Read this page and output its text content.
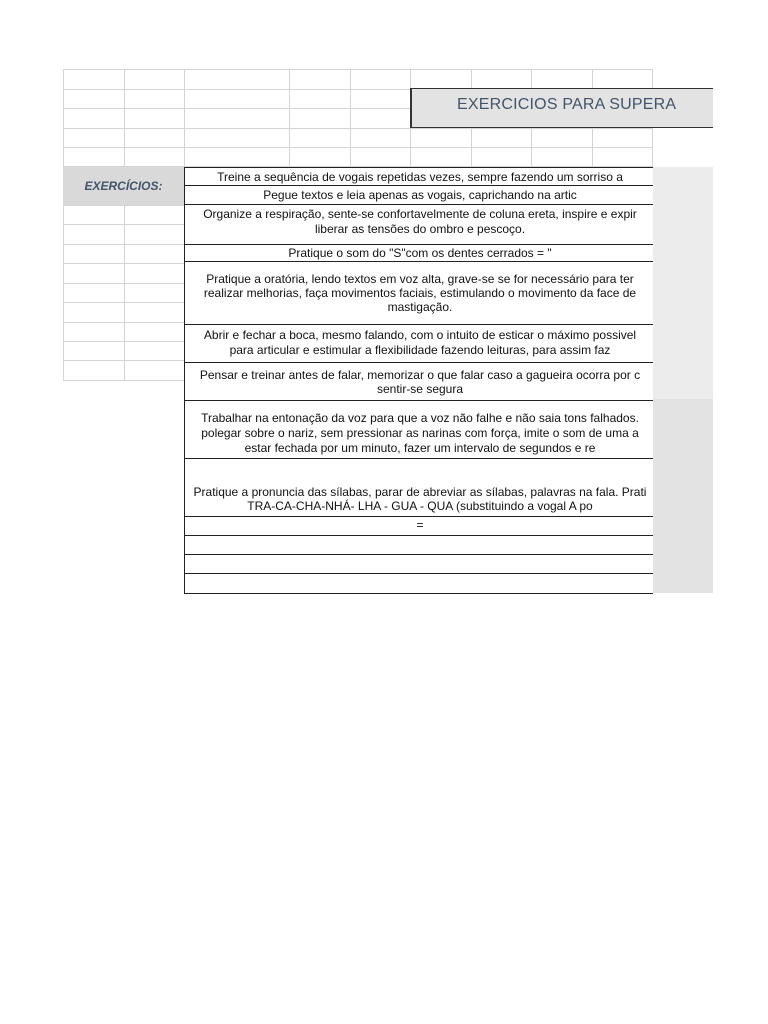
EXERCICIOS PARA SUPERA
EXERCÍCIOS:
Treine a sequência de vogais repetidas vezes, sempre fazendo um sorriso a
Pegue textos e leia apenas as vogais, caprichando na artic
Organize a respiração, sente-se confortavelmente de coluna ereta, inspire e expir
liberar as tensões do ombro e pescoço.
Pratique o som do "S"com os dentes cerrados = "
Pratique a oratória, lendo textos em voz alta, grave-se se for necessário para ter
realizar melhorias, faça movimentos faciais, estimulando o movimento da face de
mastigação.
Abrir e fechar a boca, mesmo falando, com o intuito de esticar o máximo possivel
para articular e estimular a flexibilidade fazendo leituras, para assim faz
Pensar e treinar antes de falar, memorizar o que falar caso a gagueira ocorra por c
sentir-se segura
Trabalhar na entonação da voz para que a voz não falhe e não saia tons falhados.
polegar sobre o nariz, sem pressionar as narinas com força, imite o som de uma a
estar fechada por um minuto, fazer um intervalo de segundos e re
Pratique a pronuncia das sílabas, parar de abreviar as sílabas, palavras na fala. Prati
TRA-CA-CHA-NHÁ- LHA - GUA - QUA (substituindo a vogal A po
=
